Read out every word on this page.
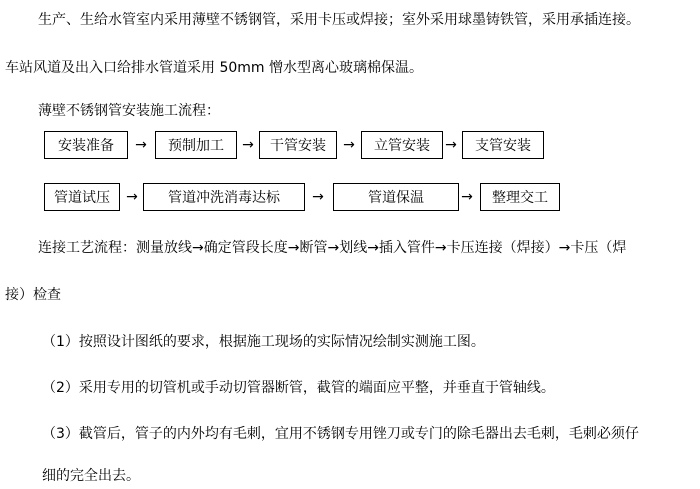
生产、生给水管室内采用薄壁不锈钢管，采用卡压或焊接；室外采用球墨铸铁管，采用承插连接。
车站风道及出入口给排水管道采用 50mm 憎水型离心玻璃棉保温。
薄壁不锈钢管安装施工流程：
安装准备	→	预制加工	→	干管安装	→	立管安装	→	支管安装
管道试压	→	管道冲洗消毒达标	→	管道保温	→	整理交工
连接工艺流程：测量放线→确定管段长度→断管→划线→插入管件→卡压连接（焊接）→卡压（焊
接）检查
（1）按照设计图纸的要求，根据施工现场的实际情况绘制实测施工图。
（2）采用专用的切管机或手动切管器断管，截管的端面应平整，并垂直于管轴线。
（3）截管后，管子的内外均有毛刺，宜用不锈钢专用锉刀或专门的除毛器出去毛刺，毛刺必须仔
细的完全出去。
